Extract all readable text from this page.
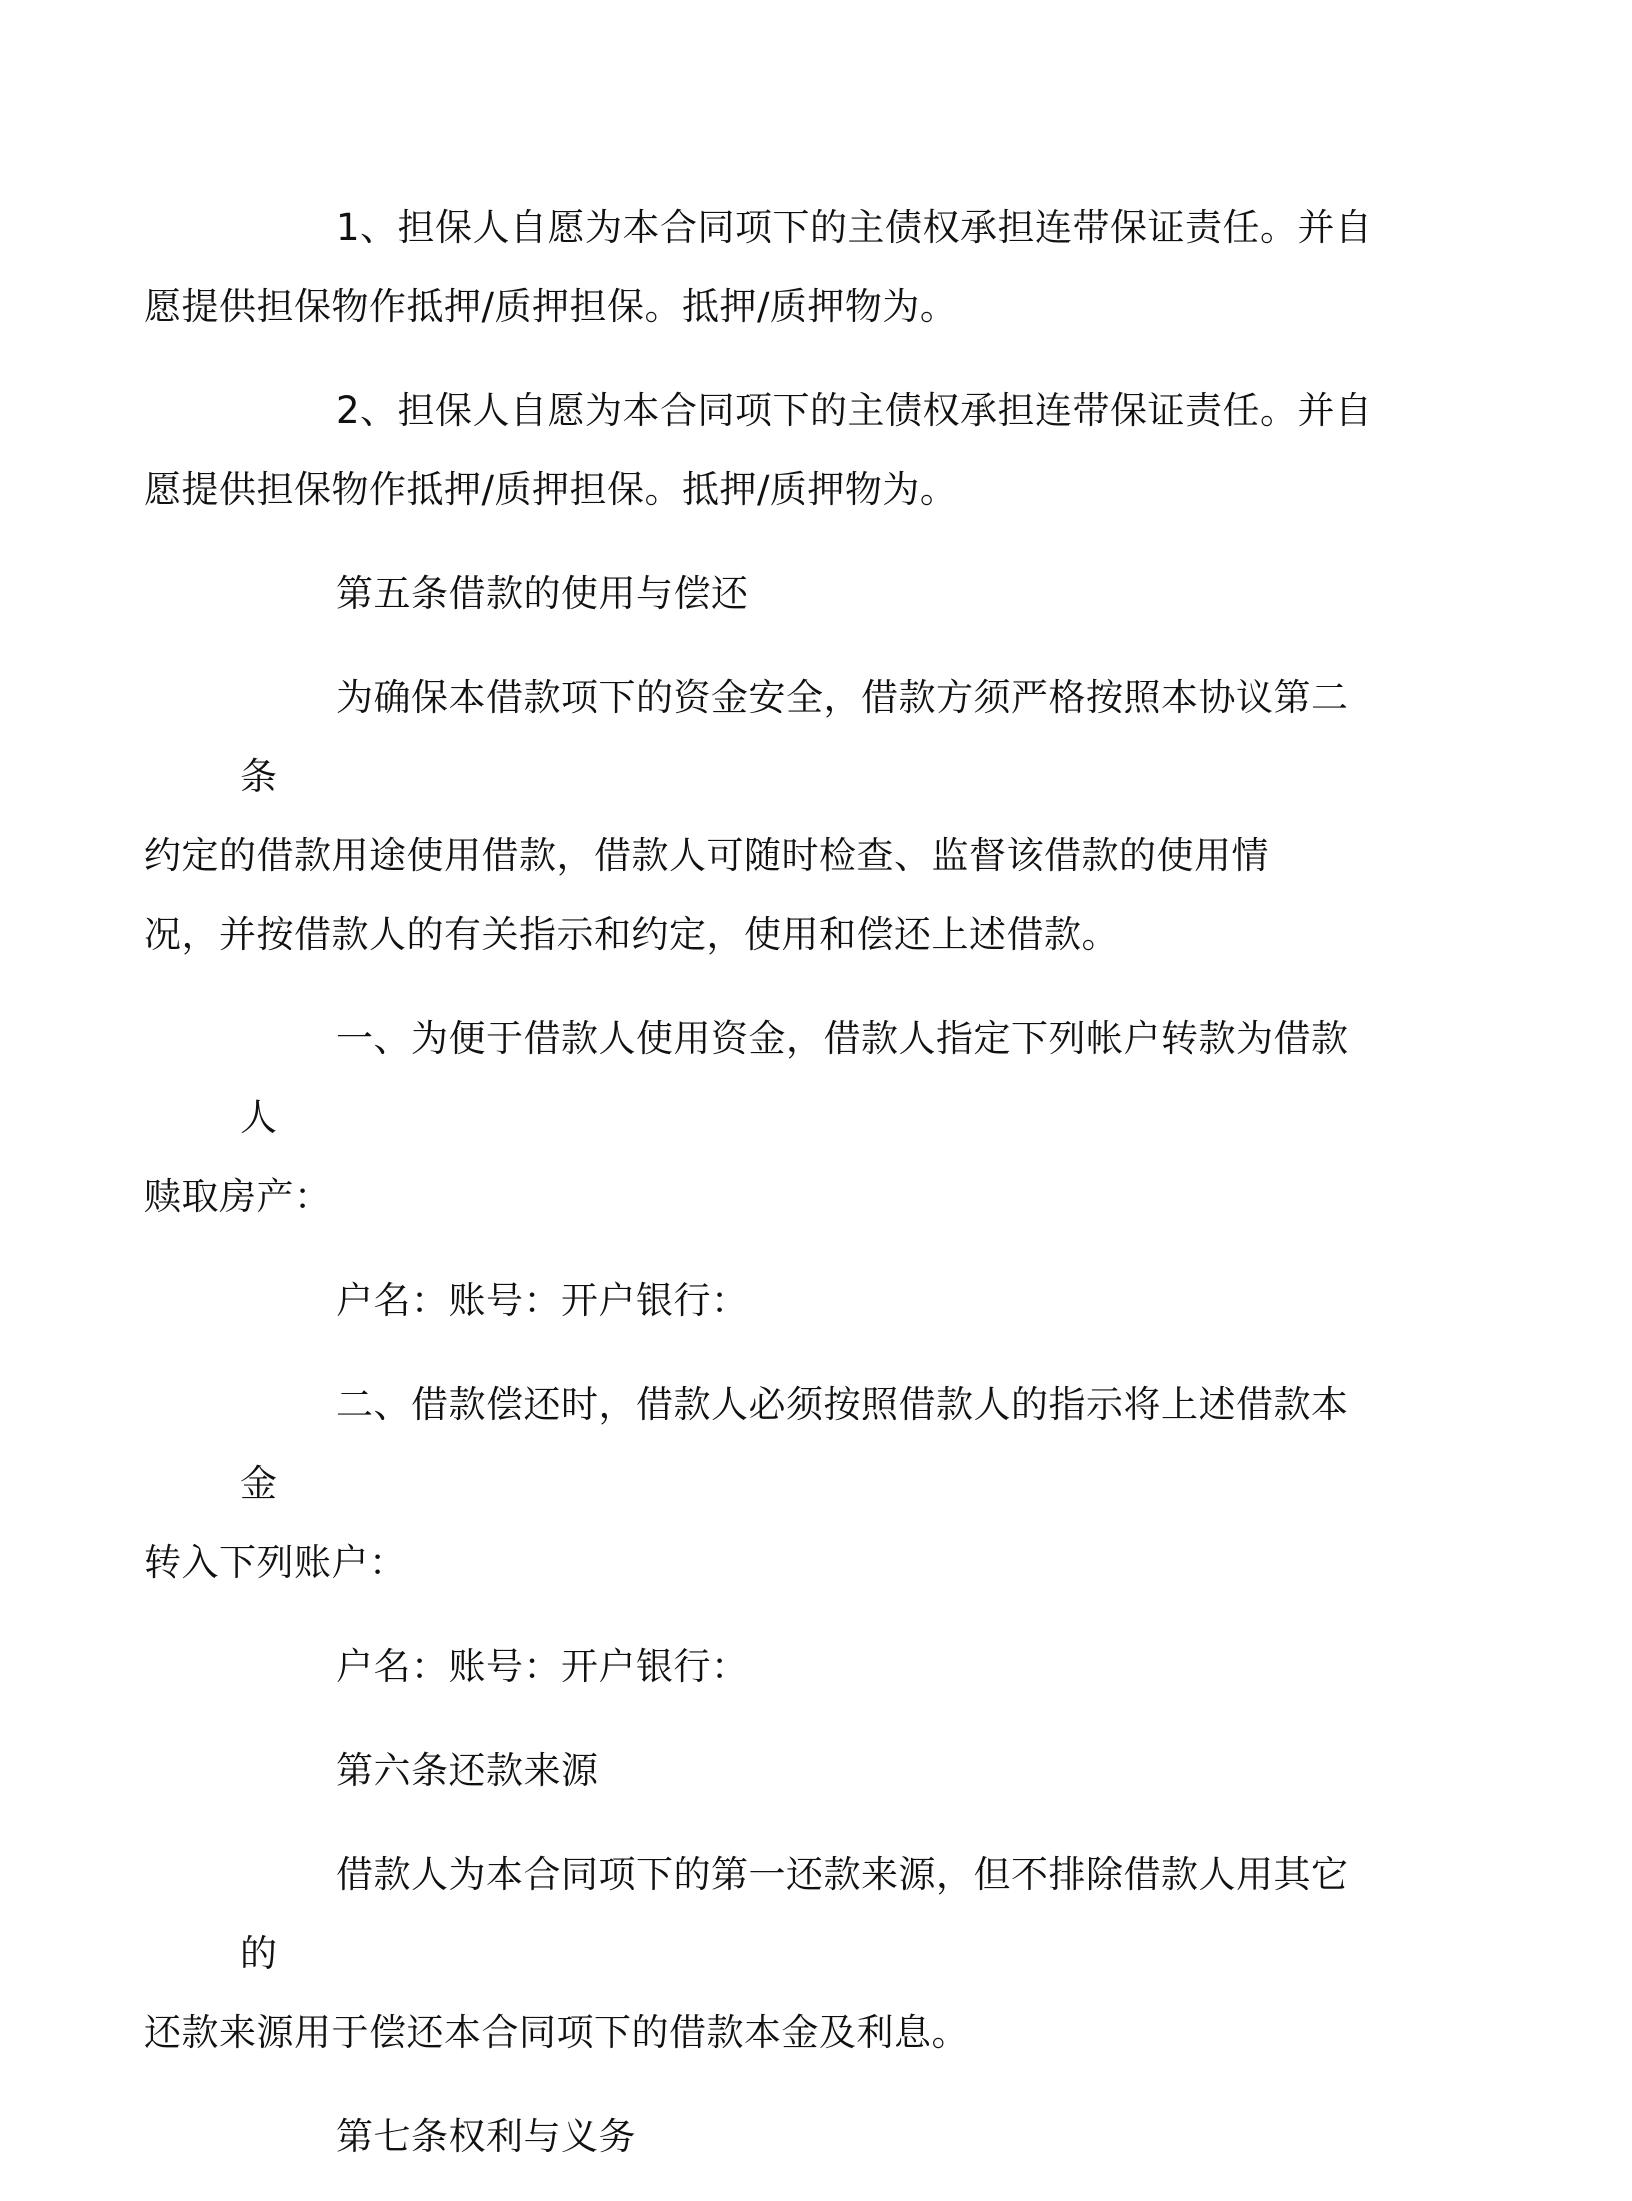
1、担保人自愿为本合同项下的主债权承担连带保证责任。并自
愿提供担保物作抵押/质押担保。抵押/质押物为。

2、担保人自愿为本合同项下的主债权承担连带保证责任。并自
愿提供担保物作抵押/质押担保。抵押/质押物为。

第五条借款的使用与偿还

为确保本借款项下的资金安全，借款方须严格按照本协议第二条
约定的借款用途使用借款，借款人可随时检查、监督该借款的使用情
况，并按借款人的有关指示和约定，使用和偿还上述借款。

一、为便于借款人使用资金，借款人指定下列帐户转款为借款人
赎取房产：

户名：账号：开户银行：

二、借款偿还时，借款人必须按照借款人的指示将上述借款本金
转入下列账户：

户名：账号：开户银行：

第六条还款来源

借款人为本合同项下的第一还款来源，但不排除借款人用其它的
还款来源用于偿还本合同项下的借款本金及利息。

第七条权利与义务
